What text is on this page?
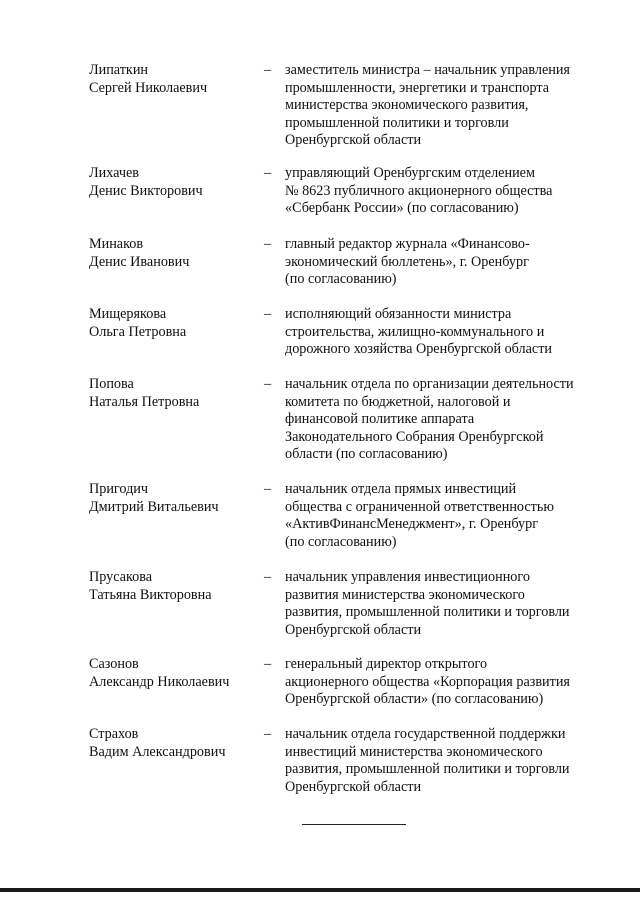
Липаткин
Сергей Николаевич
– заместитель министра – начальник управления
промышленности, энергетики и транспорта
министерства экономического развития,
промышленной политики и торговли
Оренбургской области
Лихачев
Денис Викторович
– управляющий Оренбургским отделением
№ 8623 публичного акционерного общества
«Сбербанк России» (по согласованию)
Минаков
Денис Иванович
– главный редактор журнала «Финансово-
экономический бюллетень», г. Оренбург
(по согласованию)
Мищерякова
Ольга Петровна
– исполняющий обязанности министра
строительства, жилищно-коммунального и
дорожного хозяйства Оренбургской области
Попова
Наталья Петровна
– начальник отдела по организации деятельности
комитета по бюджетной, налоговой и
финансовой политике аппарата
Законодательного Собрания Оренбургской
области (по согласованию)
Пригодич
Дмитрий Витальевич
– начальник отдела прямых инвестиций
общества с ограниченной ответственностью
«АктивФинансМенеджмент», г. Оренбург
(по согласованию)
Прусакова
Татьяна Викторовна
– начальник управления инвестиционного
развития министерства экономического
развития, промышленной политики и торговли
Оренбургской области
Сазонов
Александр Николаевич
– генеральный директор открытого
акционерного общества «Корпорация развития
Оренбургской области» (по согласованию)
Страхов
Вадим Александрович
– начальник отдела государственной поддержки
инвестиций министерства экономического
развития, промышленной политики и торговли
Оренбургской области
